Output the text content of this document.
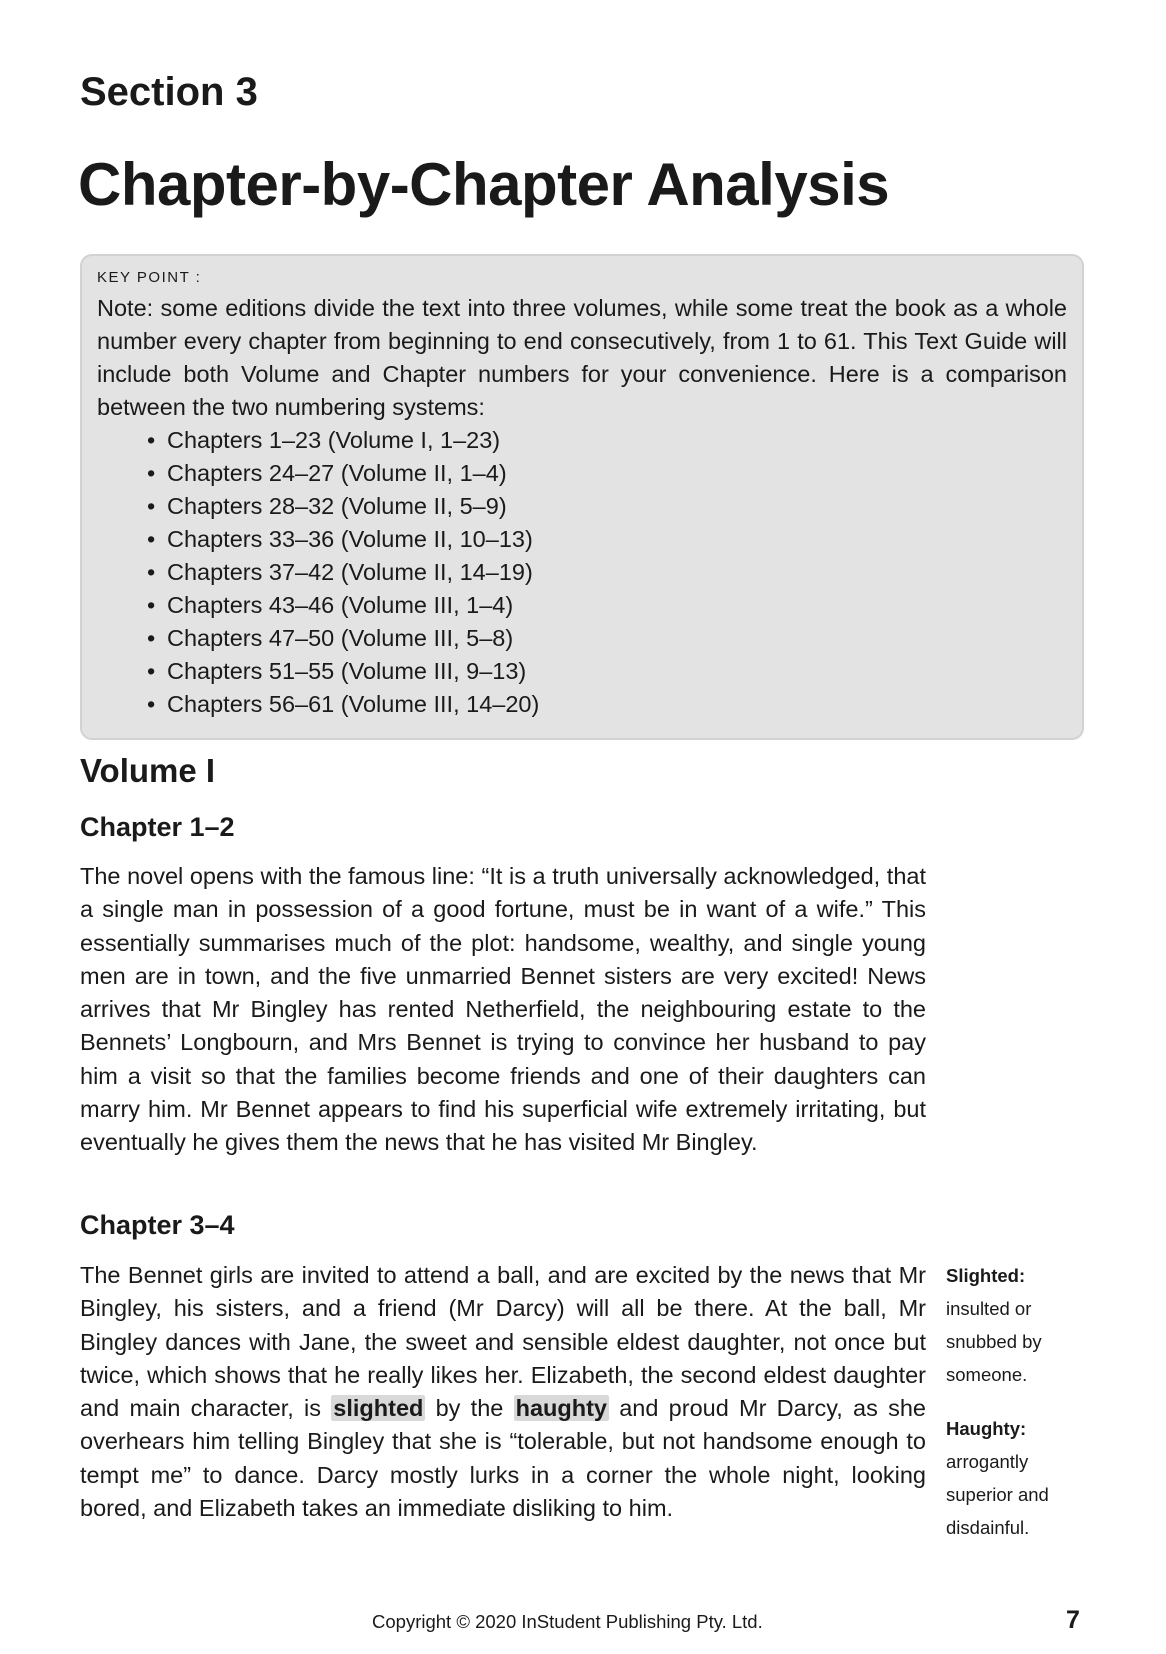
Section 3
Chapter-by-Chapter Analysis
KEY POINT :
Note: some editions divide the text into three volumes, while some treat the book as a whole number every chapter from beginning to end consecutively, from 1 to 61. This Text Guide will include both Volume and Chapter numbers for your convenience. Here is a comparison between the two numbering systems:
• Chapters 1–23 (Volume I, 1–23)
• Chapters 24–27 (Volume II, 1–4)
• Chapters 28–32 (Volume II, 5–9)
• Chapters 33–36 (Volume II, 10–13)
• Chapters 37–42 (Volume II, 14–19)
• Chapters 43–46 (Volume III, 1–4)
• Chapters 47–50 (Volume III, 5–8)
• Chapters 51–55 (Volume III, 9–13)
• Chapters 56–61 (Volume III, 14–20)
Volume I
Chapter 1–2

The novel opens with the famous line: “It is a truth universally acknowledged, that a single man in possession of a good fortune, must be in want of a wife.” This essentially summarises much of the plot: handsome, wealthy, and single young men are in town, and the five unmarried Bennet sisters are very excited! News arrives that Mr Bingley has rented Netherfield, the neighbouring estate to the Bennets’ Longbourn, and Mrs Bennet is trying to convince her husband to pay him a visit so that the families become friends and one of their daughters can marry him. Mr Bennet appears to find his superficial wife extremely irritating, but eventually he gives them the news that he has visited Mr Bingley.

Chapter 3–4

The Bennet girls are invited to attend a ball, and are excited by the news that Mr Bingley, his sisters, and a friend (Mr Darcy) will all be there. At the ball, Mr Bingley dances with Jane, the sweet and sensible eldest daughter, not once but twice, which shows that he really likes her. Elizabeth, the second eldest daughter and main character, is slighted by the haughty and proud Mr Darcy, as she overhears him telling Bingley that she is “tolerable, but not handsome enough to tempt me” to dance. Darcy mostly lurks in a corner the whole night, looking bored, and Elizabeth takes an immediate disliking to him.

Slighted:
insulted or snubbed by someone.
Haughty:
arrogantly superior and disdainful.

Copyright © 2020 InStudent Publishing Pty. Ltd.	7
